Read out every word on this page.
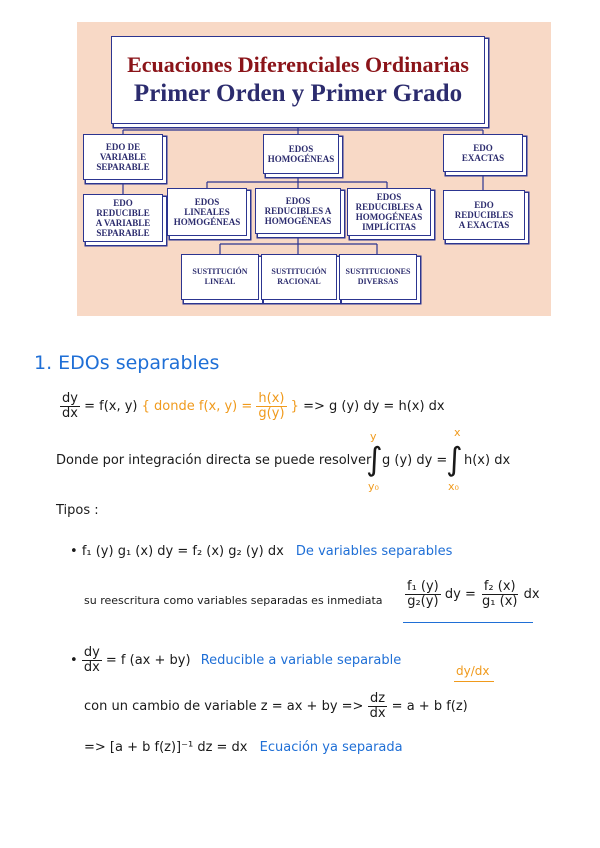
Ecuaciones Diferenciales Ordinarias
Primer Orden y Primer Grado
EDO DE
VARIABLE
SEPARABLE
EDO
REDUCIBLE
A VARIABLE
SEPARABLE
EDOS
HOMOGÉNEAS
EDO
EXACTAS
EDOS
LINEALES
HOMOGÉNEAS
EDOS
REDUCIBLES A
HOMOGÉNEAS
EDOS
REDUCIBLES A
HOMOGÉNEAS
IMPLÍCITAS
EDO
REDUCIBLES
A EXACTAS
SUSTITUCIÓN
LINEAL
SUSTITUCIÓN
RACIONAL
SUSTITUCIONES
DIVERSAS
1. EDOs separables
$\frac{dy}{dx} = f(x$, y) { donde f(x, $y) = \frac{h(x)}{g(y)}$ } => g (y) dy = h(x) dx
Donde por integración directa se puede resolver
y
∫
y₀
g (y) dy =
x
∫
x₀
h(x) dx
Tipos :
• f₁ (y) g₁ (x) dy = f₂ (x) g₂ (y) dx De variables separables
su reescritura como variables separadas es inmediata $\frac{\text{f₁ (y)}}{\text{g₂(y)}}$ dy = $\frac{\text{f₂ (x)}}{\text{g₁ (x)}}$ dx
• $\frac{dy}{dx} = f$ (ax + by) Reducible a variable separable
dy/dx
con un cambio de variable z = ax + by => $\frac{dz}{dx} = a + b$ f(z)
=> [a + b f(z)]⁻¹ dz = dx Ecuación ya separada
